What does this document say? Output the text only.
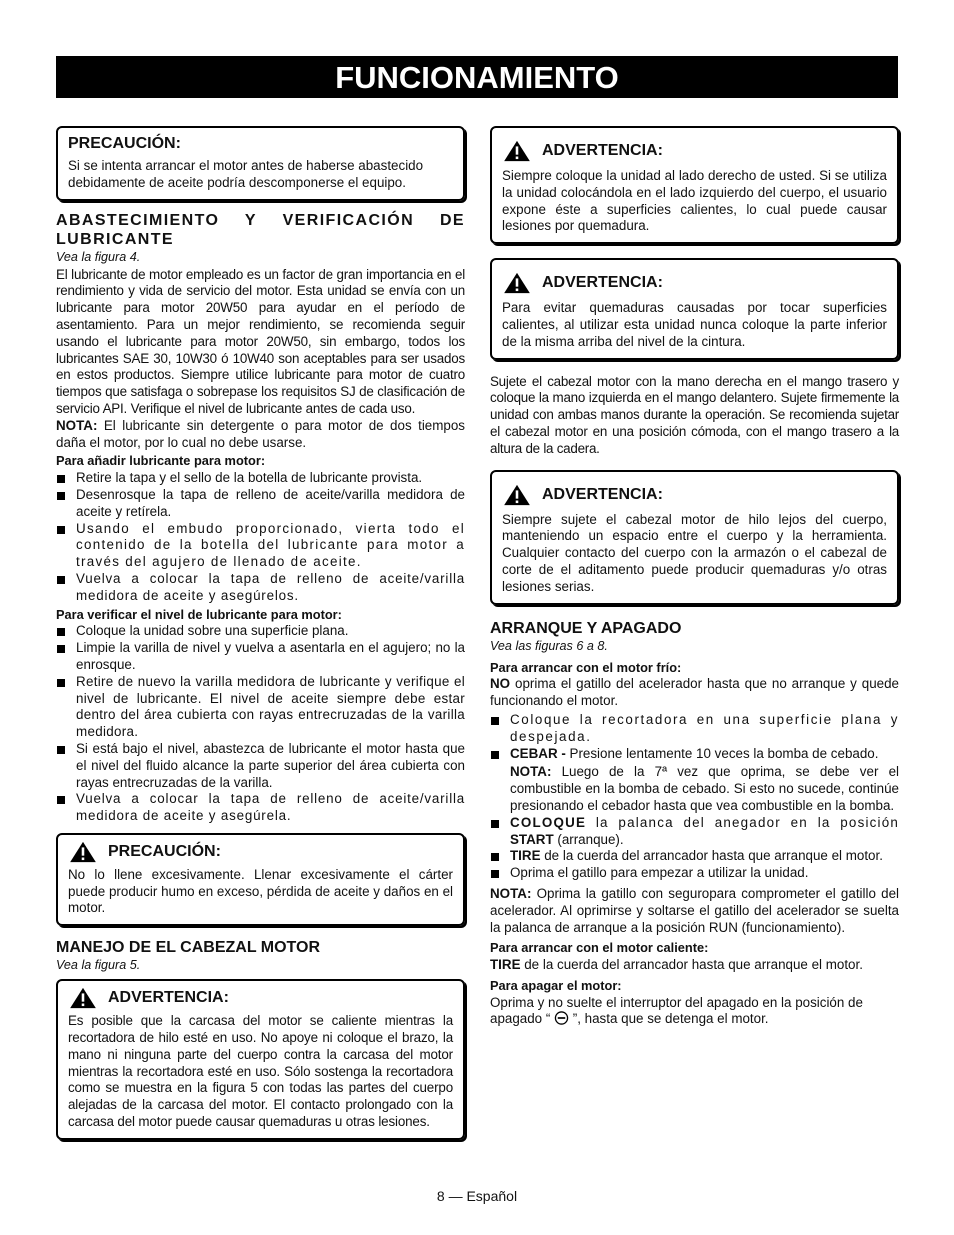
FUNCIONAMIENTO
PRECAUCIÓN:

Si se intenta arrancar el motor antes de haberse abastecido debidamente de aceite podría descomponerse el equipo.

ABASTECIMIENTO Y VERIFICACIÓN DE LUBRICANTE
Vea la figura 4.

El lubricante de motor empleado es un factor de gran importancia en el rendimiento y vida de servicio del motor. Esta unidad se envía con un lubricante para motor 20W50 para ayudar en el período de asentamiento. Para un mejor rendimiento, se recomienda seguir usando el lubricante para motor 20W50, sin embargo, todos los lubricantes SAE 30, 10W30 ó 10W40 son aceptables para ser usados en estos productos. Siempre utilice lubricante para motor de cuatro tiempos que satisfaga o sobrepase los requisitos SJ de clasificación de servicio API. Verifique el nivel de lubricante antes de cada uso.

NOTA: El lubricante sin detergente o para motor de dos tiempos daña el motor, por lo cual no debe usarse.

Para añadir lubricante para motor:
Retire la tapa y el sello de la botella de lubricante provista.
Desenrosque la tapa de relleno de aceite/varilla medidora de aceite y retírela.
Usando el embudo proporcionado, vierta todo el contenido de la botella del lubricante para motor a través del agujero de llenado de aceite.
Vuelva a colocar la tapa de relleno de aceite/varilla medidora de aceite y asegúrelos.
Para verificar el nivel de lubricante para motor:
Coloque la unidad sobre una superficie plana.
Limpie la varilla de nivel y vuelva a asentarla en el agujero; no la enrosque.
Retire de nuevo la varilla medidora de lubricante y verifique el nivel de lubricante. El nivel de aceite siempre debe estar dentro del área cubierta con rayas entrecruzadas de la varilla medidora.
Si está bajo el nivel, abastezca de lubricante el motor hasta que el nivel del fluido alcance la parte superior del área cubierta con rayas entrecruzadas de la varilla.
Vuelva a colocar la tapa de relleno de aceite/varilla medidora de aceite y asegúrela.
PRECAUCIÓN:

No lo llene excesivamente. Llenar excesivamente el cárter puede producir humo en exceso, pérdida de aceite y daños en el motor.

MANEJO DE EL CABEZAL MOTOR
Vea la figura 5.
ADVERTENCIA:

Es posible que la carcasa del motor se caliente mientras la recortadora de hilo esté en uso. No apoye ni coloque el brazo, la mano ni ninguna parte del cuerpo contra la carcasa del motor mientras la recortadora esté en uso. Sólo sostenga la recortadora como se muestra en la figura 5 con todas las partes del cuerpo alejadas de la carcasa del motor. El contacto prolongado con la carcasa del motor puede causar quemaduras u otras lesiones.

ADVERTENCIA:

Siempre coloque la unidad al lado derecho de usted. Si se utiliza la unidad colocándola en el lado izquierdo del cuerpo, el usuario expone éste a superficies calientes, lo cual puede causar lesiones por quemadura.

ADVERTENCIA:

Para evitar quemaduras causadas por tocar superficies calientes, al utilizar esta unidad nunca coloque la parte inferior de la misma arriba del nivel de la cintura.

Sujete el cabezal motor con la mano derecha en el mango trasero y coloque la mano izquierda en el mango delantero. Sujete firmemente la unidad con ambas manos durante la operación. Se recomienda sujetar el cabezal motor en una posición cómoda, con el mango trasero a la altura de la cadera.

ADVERTENCIA:

Siempre sujete el cabezal motor de hilo lejos del cuerpo, manteniendo un espacio entre el cuerpo y la herramienta. Cualquier contacto del cuerpo con la armazón o el cabezal de corte de el aditamento puede producir quemaduras y/o otras lesiones serias.

ARRANQUE Y APAGADO
Vea las figuras 6 a 8.
Para arrancar con el motor frío:

NO oprima el gatillo del acelerador hasta que no arranque y quede funcionando el motor.

Coloque la recortadora en una superficie plana y despejada.
CEBAR - Presione lentamente 10 veces la bomba de cebado.
NOTA: Luego de la 7ª vez que oprima, se debe ver el combustible en la bomba de cebado. Si esto no sucede, continúe presionando el cebador hasta que vea combustible en la bomba.
COLOQUE la palanca del anegador en la posición START (arranque).
TIRE de la cuerda del arrancador hasta que arranque el motor.
Oprima el gatillo para empezar a utilizar la unidad.

NOTA: Oprima la gatillo con seguropara comprometer el gatillo del acelerador. Al oprimirse y soltarse el gatillo del acelerador se suelta la palanca de arranque a la posición RUN (funcionamiento).

Para arrancar con el motor caliente:

TIRE de la cuerda del arrancador hasta que arranque el motor.

Para apagar el motor:

Oprima y no suelte el interruptor del apagado en la posición de apagado “  ”, hasta que se detenga el motor.

8 — Español
